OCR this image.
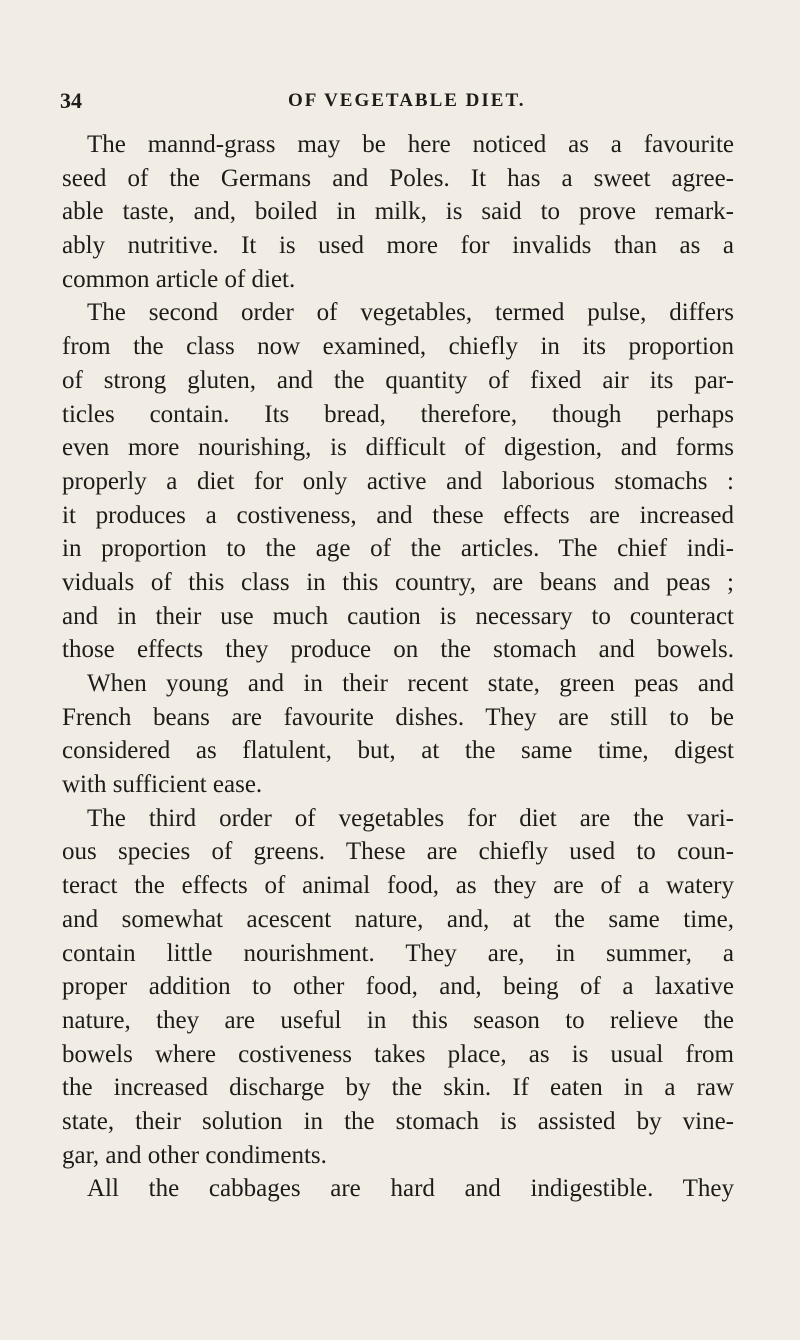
34	OF VEGETABLE DIET.
The mannd-grass may be here noticed as a favourite
seed of the Germans and Poles. It has a sweet agree-
able taste, and, boiled in milk, is said to prove remark-
ably nutritive. It is used more for invalids than as a
common article of diet.
The second order of vegetables, termed pulse, differs
from the class now examined, chiefly in its proportion
of strong gluten, and the quantity of fixed air its par-
ticles contain. Its bread, therefore, though perhaps
even more nourishing, is difficult of digestion, and forms
properly a diet for only active and laborious stomachs :
it produces a costiveness, and these effects are increased
in proportion to the age of the articles. The chief indi-
viduals of this class in this country, are beans and peas ;
and in their use much caution is necessary to counteract
those effects they produce on the stomach and bowels.
When young and in their recent state, green peas and
French beans are favourite dishes. They are still to be
considered as flatulent, but, at the same time, digest
with sufficient ease.
The third order of vegetables for diet are the vari-
ous species of greens. These are chiefly used to coun-
teract the effects of animal food, as they are of a watery
and somewhat acescent nature, and, at the same time,
contain little nourishment. They are, in summer, a
proper addition to other food, and, being of a laxative
nature, they are useful in this season to relieve the
bowels where costiveness takes place, as is usual from
the increased discharge by the skin. If eaten in a raw
state, their solution in the stomach is assisted by vine-
gar, and other condiments.
All the cabbages are hard and indigestible. They
